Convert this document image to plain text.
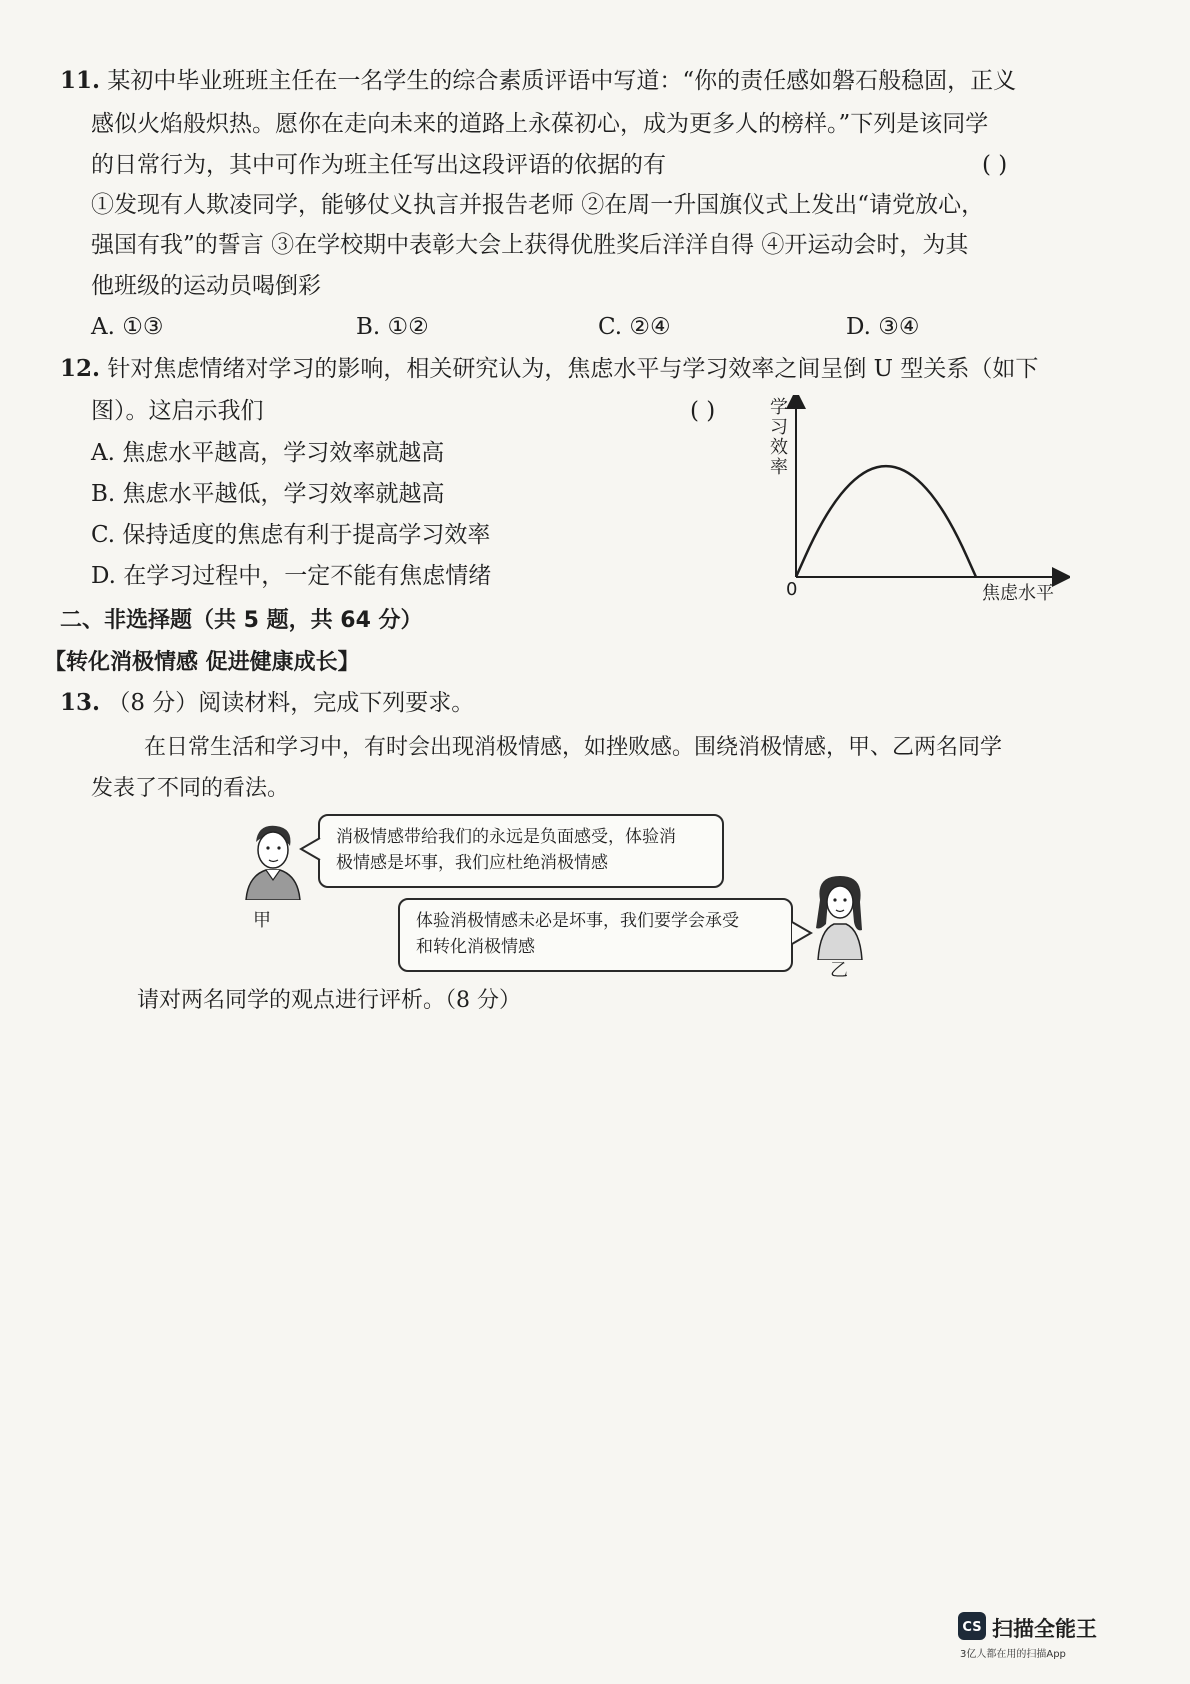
11. 某初中毕业班班主任在一名学生的综合素质评语中写道：“你的责任感如磐石般稳固，正义
感似火焰般炽热。愿你在走向未来的道路上永葆初心，成为更多人的榜样。”下列是该同学
的日常行为，其中可作为班主任写出这段评语的依据的有	( )
①发现有人欺凌同学，能够仗义执言并报告老师 ②在周一升国旗仪式上发出“请党放心，
强国有我”的誓言 ③在学校期中表彰大会上获得优胜奖后洋洋自得 ④开运动会时，为其
他班级的运动员喝倒彩
A. ①③	B. ①②	C. ②④	D. ③④
12. 针对焦虑情绪对学习的影响，相关研究认为，焦虑水平与学习效率之间呈倒 U 型关系（如下
图）。这启示我们	( )
A. 焦虑水平越高，学习效率就越高
B. 焦虑水平越低，学习效率就越高
C. 保持适度的焦虑有利于提高学习效率
D. 在学习过程中，一定不能有焦虑情绪
学
习
效
率
0	焦虑水平
二、非选择题（共 5 题，共 64 分）
【转化消极情感 促进健康成长】
13. （8 分）阅读材料，完成下列要求。
在日常生活和学习中，有时会出现消极情感，如挫败感。围绕消极情感，甲、乙两名同学
发表了不同的看法。
甲
消极情感带给我们的永远是负面感受，体验消
极情感是坏事，我们应杜绝消极情感
体验消极情感未必是坏事，我们要学会承受
和转化消极情感
乙
请对两名同学的观点进行评析。（8 分）
CS 扫描全能王
3亿人都在用的扫描App
